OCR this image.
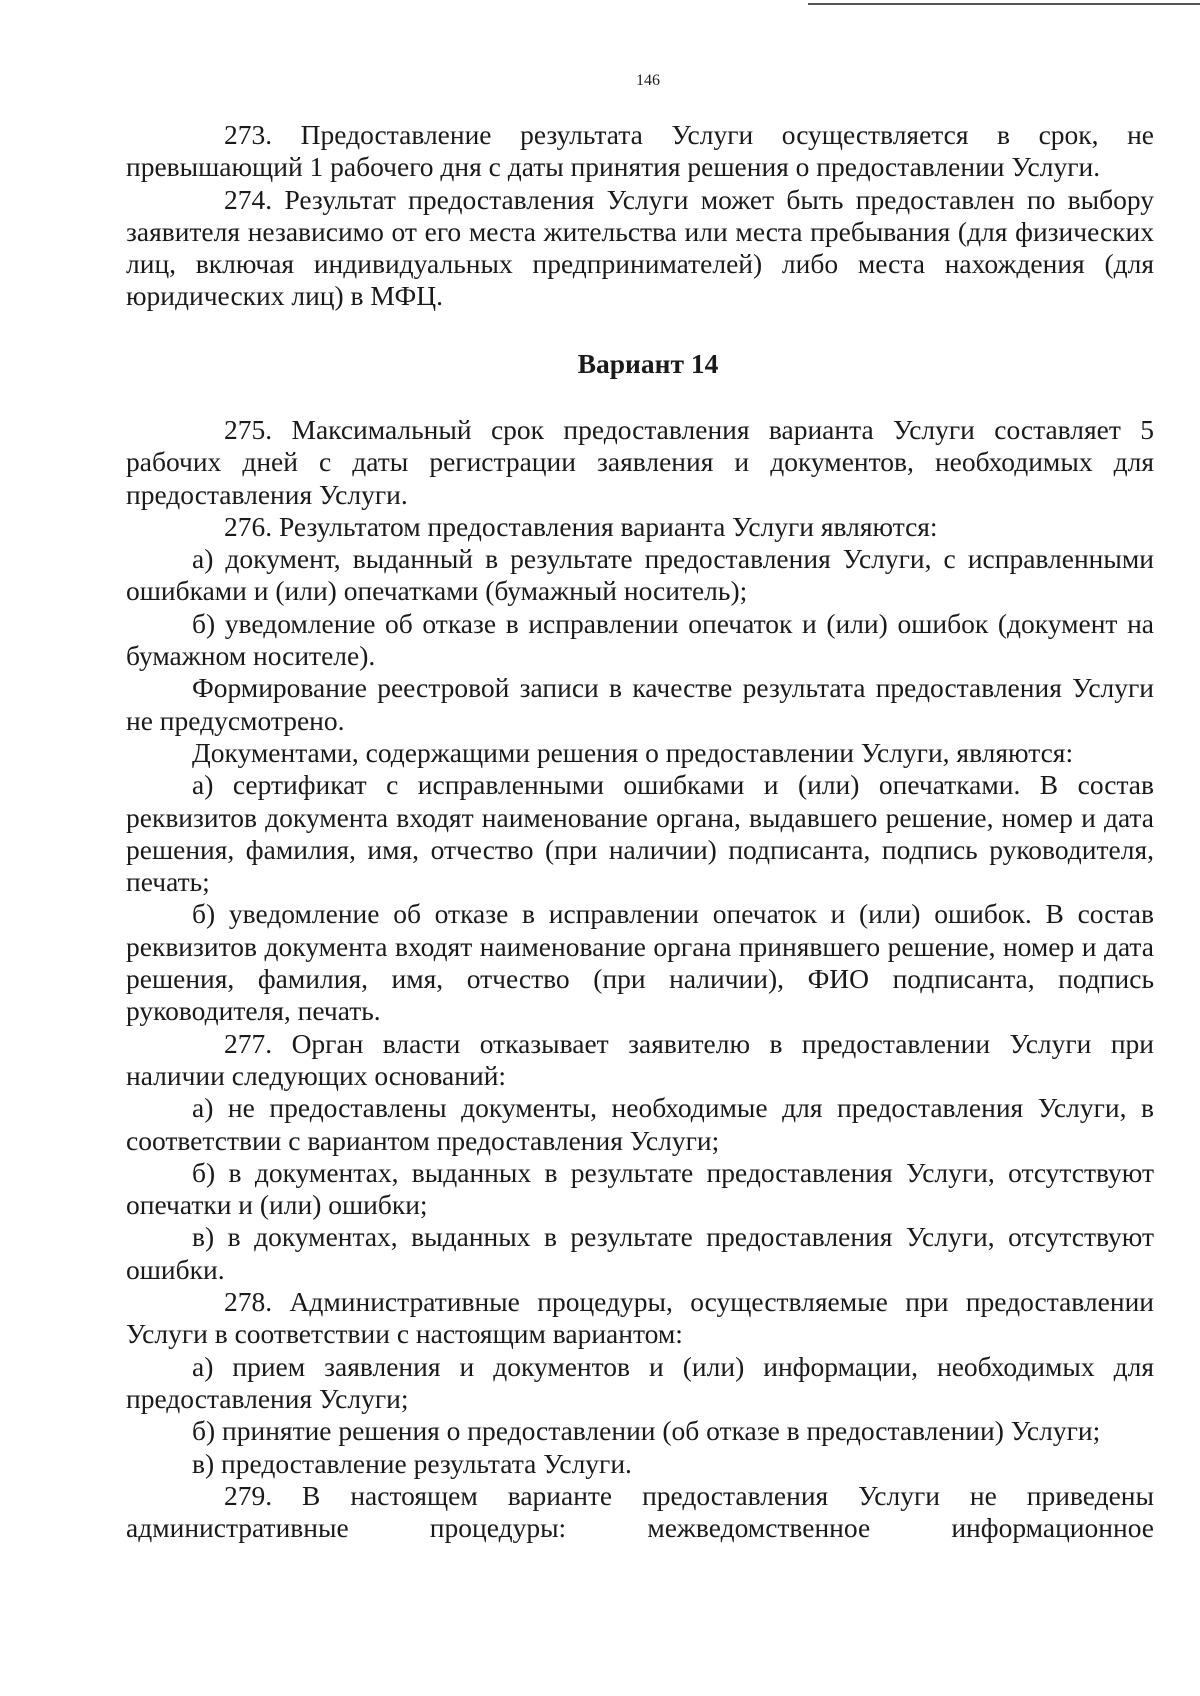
146

273. Предоставление результата Услуги осуществляется в срок, не превышающий 1 рабочего дня с даты принятия решения о предоставлении Услуги.

274. Результат предоставления Услуги может быть предоставлен по выбору заявителя независимо от его места жительства или места пребывания (для физических лиц, включая индивидуальных предпринимателей) либо места нахождения (для юридических лиц) в МФЦ.

Вариант 14

275. Максимальный срок предоставления варианта Услуги составляет 5 рабочих дней с даты регистрации заявления и документов, необходимых для предоставления Услуги.

276. Результатом предоставления варианта Услуги являются:

а) документ, выданный в результате предоставления Услуги, с исправленными ошибками и (или) опечатками (бумажный носитель);

б) уведомление об отказе в исправлении опечаток и (или) ошибок (документ на бумажном носителе).

Формирование реестровой записи в качестве результата предоставления Услуги не предусмотрено.

Документами, содержащими решения о предоставлении Услуги, являются:

а) сертификат с исправленными ошибками и (или) опечатками. В состав реквизитов документа входят наименование органа, выдавшего решение, номер и дата решения, фамилия, имя, отчество (при наличии) подписанта, подпись руководителя, печать;

б) уведомление об отказе в исправлении опечаток и (или) ошибок. В состав реквизитов документа входят наименование органа принявшего решение, номер и дата решения, фамилия, имя, отчество (при наличии), ФИО подписанта, подпись руководителя, печать.

277. Орган власти отказывает заявителю в предоставлении Услуги при наличии следующих оснований:

а) не предоставлены документы, необходимые для предоставления Услуги, в соответствии с вариантом предоставления Услуги;

б) в документах, выданных в результате предоставления Услуги, отсутствуют опечатки и (или) ошибки;

в) в документах, выданных в результате предоставления Услуги, отсутствуют ошибки.

278. Административные процедуры, осуществляемые при предоставлении Услуги в соответствии с настоящим вариантом:

а) прием заявления и документов и (или) информации, необходимых для предоставления Услуги;

б) принятие решения о предоставлении (об отказе в предоставлении) Услуги;

в) предоставление результата Услуги.

279. В настоящем варианте предоставления Услуги не приведены административные процедуры: межведомственное информационное
